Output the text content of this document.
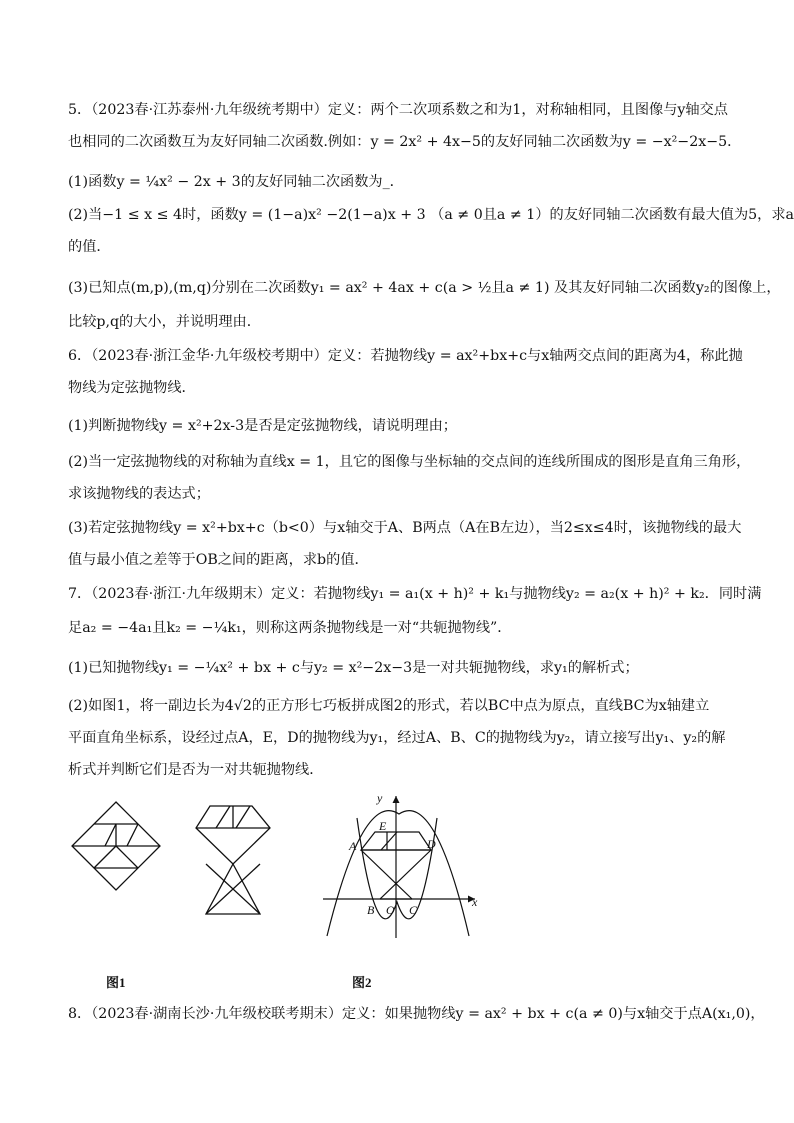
5．（2023春·江苏泰州·九年级统考期中）定义：两个二次项系数之和为1，对称轴相同，且图像与y轴交点
也相同的二次函数互为友好同轴二次函数.例如：y = 2x² + 4x−5的友好同轴二次函数为y = −x²−2x−5．
(1)函数y = ¼x² − 2x + 3的友好同轴二次函数为_．
(2)当−1 ≤ x ≤ 4时，函数y = (1−a)x² −2(1−a)x + 3 （a ≠ 0且a ≠ 1）的友好同轴二次函数有最大值为5，求a
的值．
(3)已知点(m,p),(m,q)分别在二次函数y₁ = ax² + 4ax + c(a > ½且a ≠ 1) 及其友好同轴二次函数y₂的图像上，
比较p,q的大小，并说明理由．
6．（2023春·浙江金华·九年级校考期中）定义：若抛物线y = ax²+bx+c与x轴两交点间的距离为4，称此抛
物线为定弦抛物线．
(1)判断抛物线y = x²+2x-3是否是定弦抛物线，请说明理由；
(2)当一定弦抛物线的对称轴为直线x = 1，且它的图像与坐标轴的交点间的连线所围成的图形是直角三角形，
求该抛物线的表达式；
(3)若定弦抛物线y = x²+bx+c（b<0）与x轴交于A、B两点（A在B左边），当2≤x≤4时，该抛物线的最大
值与最小值之差等于OB之间的距离，求b的值．
7．（2023春·浙江·九年级期末）定义：若抛物线y₁ = a₁(x + h)² + k₁与抛物线y₂ = a₂(x + h)² + k₂．同时满
足a₂ = −4a₁且k₂ = −¼k₁，则称这两条抛物线是一对“共轭抛物线”．
(1)已知抛物线y₁ = −¼x² + bx + c与y₂ = x²−2x−3是一对共轭抛物线，求y₁的解析式；
(2)如图1，将一副边长为4√2的正方形七巧板拼成图2的形式，若以BC中点为原点，直线BC为x轴建立
平面直角坐标系，设经过点A，E，D的抛物线为y₁，经过A、B、C的抛物线为y₂，请立接写出y₁、y₂的解
析式并判断它们是否为一对共轭抛物线．
y
x
E
A	D
B O C
图1	图2
8．（2023春·湖南长沙·九年级校联考期末）定义：如果抛物线y = ax² + bx + c(a ≠ 0)与x轴交于点A(x₁,0)，
